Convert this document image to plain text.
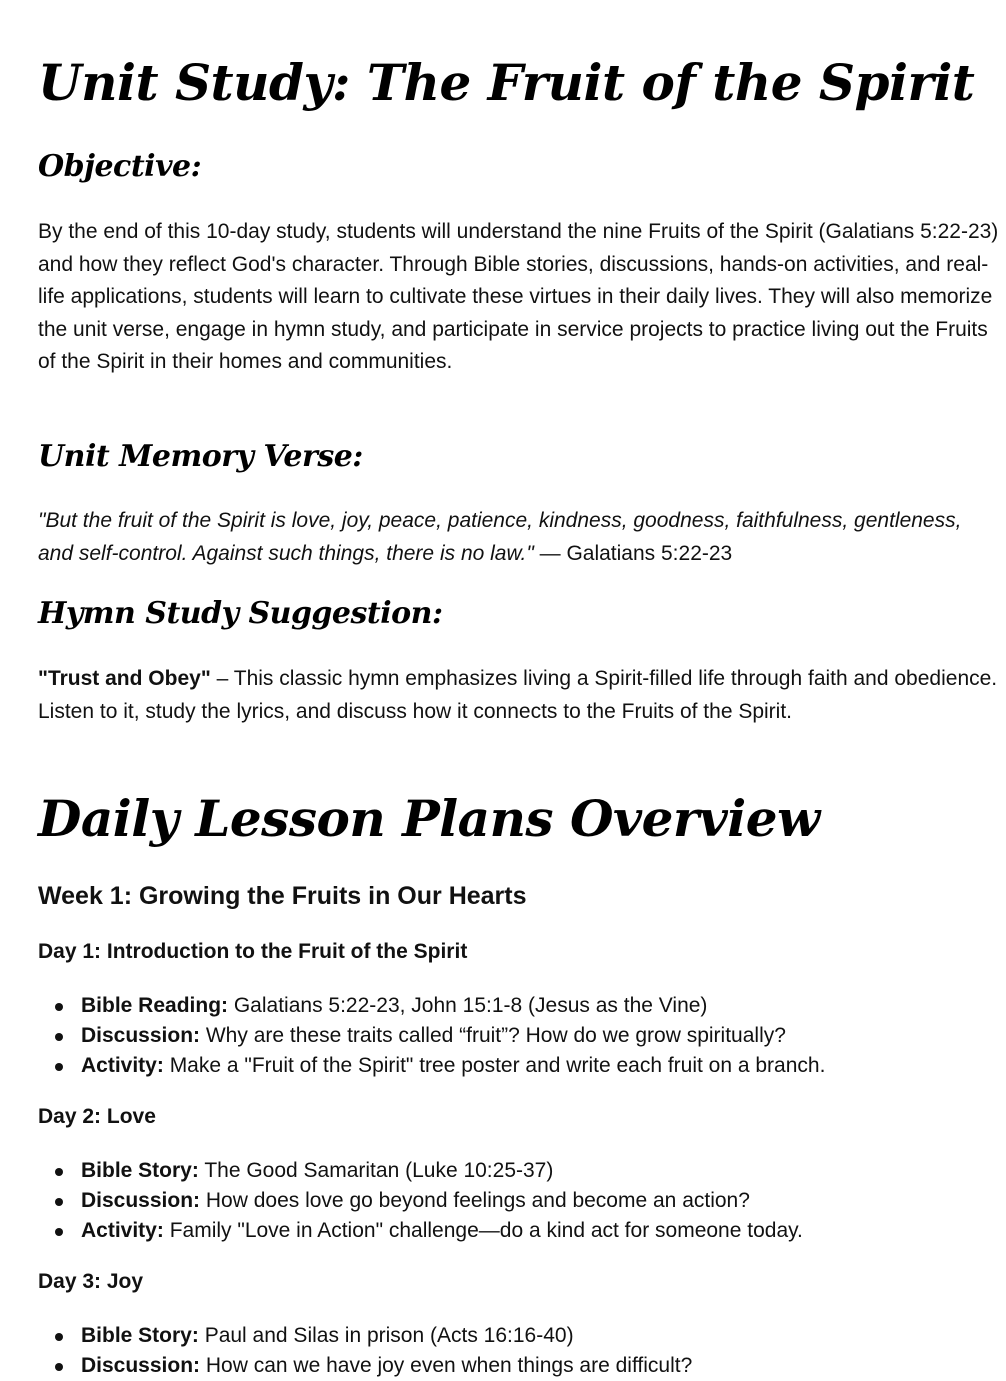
Unit Study: The Fruit of the Spirit
Objective:

By the end of this 10-day study, students will understand the nine Fruits of the Spirit (Galatians 5:22-23) and how they reflect God's character. Through Bible stories, discussions, hands-on activities, and real-life applications, students will learn to cultivate these virtues in their daily lives. They will also memorize the unit verse, engage in hymn study, and participate in service projects to practice living out the Fruits of the Spirit in their homes and communities.

Unit Memory Verse:

"But the fruit of the Spirit is love, joy, peace, patience, kindness, goodness, faithfulness, gentleness, and self-control. Against such things, there is no law." — Galatians 5:22-23

Hymn Study Suggestion:

"Trust and Obey" – This classic hymn emphasizes living a Spirit-filled life through faith and obedience. Listen to it, study the lyrics, and discuss how it connects to the Fruits of the Spirit.

Daily Lesson Plans Overview
Week 1: Growing the Fruits in Our Hearts
Day 1: Introduction to the Fruit of the Spirit
Bible Reading: Galatians 5:22-23, John 15:1-8 (Jesus as the Vine)
Discussion: Why are these traits called “fruit”? How do we grow spiritually?
Activity: Make a "Fruit of the Spirit" tree poster and write each fruit on a branch.
Day 2: Love
Bible Story: The Good Samaritan (Luke 10:25-37)
Discussion: How does love go beyond feelings and become an action?
Activity: Family "Love in Action" challenge—do a kind act for someone today.
Day 3: Joy
Bible Story: Paul and Silas in prison (Acts 16:16-40)
Discussion: How can we have joy even when things are difficult?
